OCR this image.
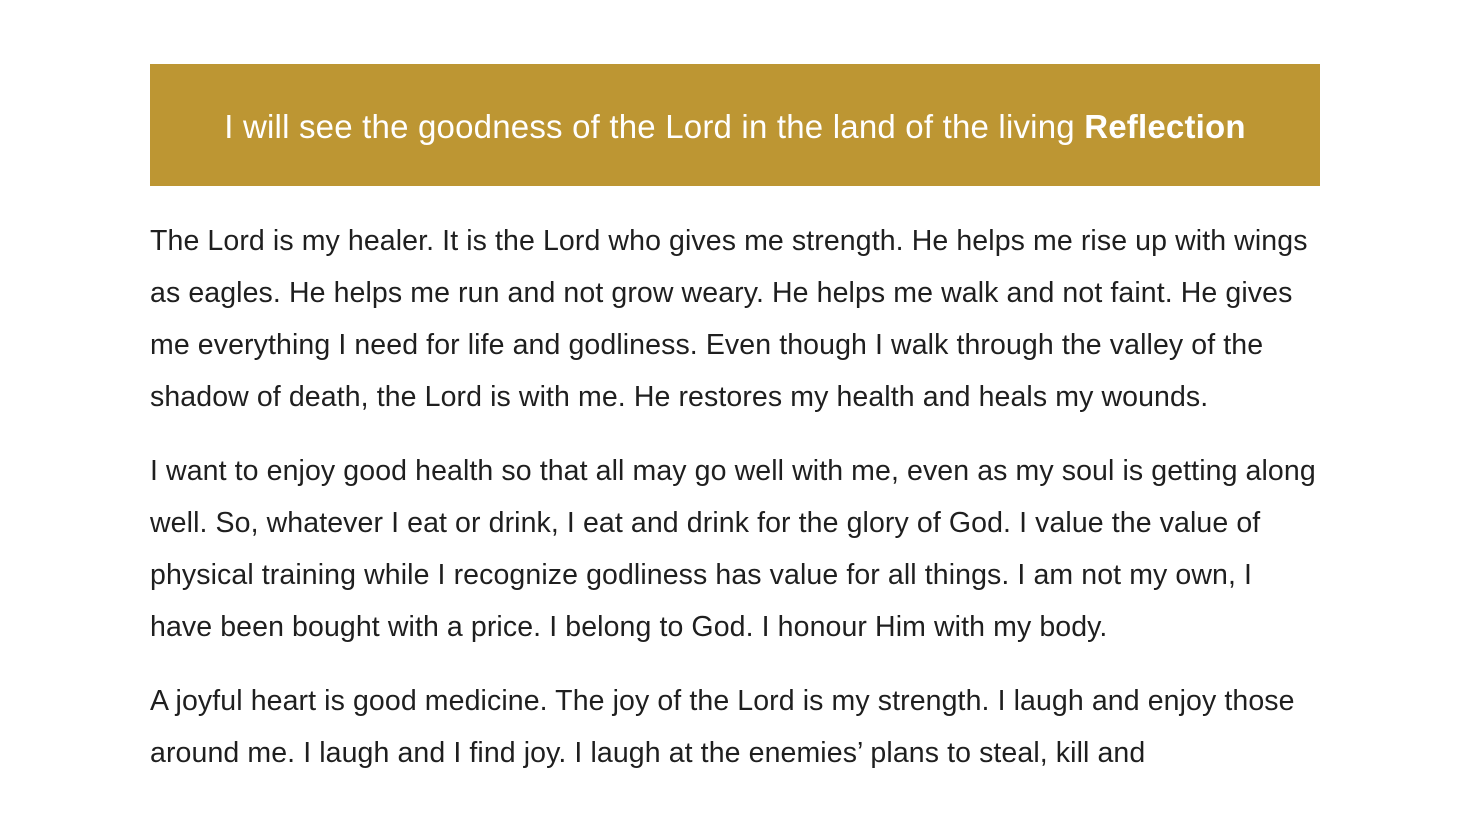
I will see the goodness of the Lord in the land of the living Reflection

The Lord is my healer. It is the Lord who gives me strength. He helps me rise up with wings as eagles. He helps me run and not grow weary. He helps me walk and not faint. He gives me everything I need for life and godliness. Even though I walk through the valley of the shadow of death, the Lord is with me. He restores my health and heals my wounds.

I want to enjoy good health so that all may go well with me, even as my soul is getting along well. So, whatever I eat or drink, I eat and drink for the glory of God. I value the value of physical training while I recognize godliness has value for all things. I am not my own, I have been bought with a price. I belong to God. I honour Him with my body.

A joyful heart is good medicine. The joy of the Lord is my strength. I laugh and enjoy those around me. I laugh and I find joy. I laugh at the enemies’ plans to steal, kill and
